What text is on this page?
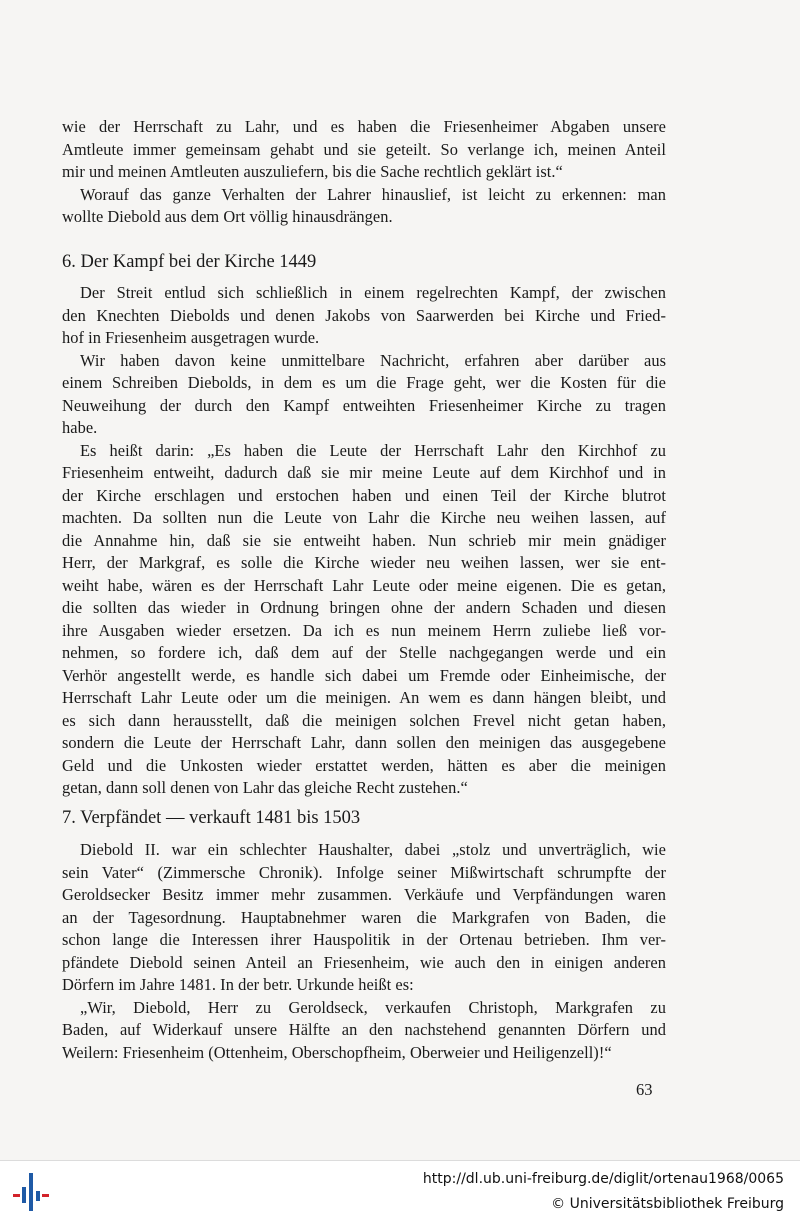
wie der Herrschaft zu Lahr, und es haben die Friesenheimer Abgaben unsere
Amtleute immer gemeinsam gehabt und sie geteilt. So verlange ich, meinen Anteil
mir und meinen Amtleuten auszuliefern, bis die Sache rechtlich geklärt ist.“
Worauf das ganze Verhalten der Lahrer hinauslief, ist leicht zu erkennen: man
wollte Diebold aus dem Ort völlig hinausdrängen.
6. Der Kampf bei der Kirche 1449
Der Streit entlud sich schließlich in einem regelrechten Kampf, der zwischen
den Knechten Diebolds und denen Jakobs von Saarwerden bei Kirche und Fried-
hof in Friesenheim ausgetragen wurde.
Wir haben davon keine unmittelbare Nachricht, erfahren aber darüber aus
einem Schreiben Diebolds, in dem es um die Frage geht, wer die Kosten für die
Neuweihung der durch den Kampf entweihten Friesenheimer Kirche zu tragen
habe.
Es heißt darin: „Es haben die Leute der Herrschaft Lahr den Kirchhof zu
Friesenheim entweiht, dadurch daß sie mir meine Leute auf dem Kirchhof und in
der Kirche erschlagen und erstochen haben und einen Teil der Kirche blutrot
machten. Da sollten nun die Leute von Lahr die Kirche neu weihen lassen, auf
die Annahme hin, daß sie sie entweiht haben. Nun schrieb mir mein gnädiger
Herr, der Markgraf, es solle die Kirche wieder neu weihen lassen, wer sie ent-
weiht habe, wären es der Herrschaft Lahr Leute oder meine eigenen. Die es getan,
die sollten das wieder in Ordnung bringen ohne der andern Schaden und diesen
ihre Ausgaben wieder ersetzen. Da ich es nun meinem Herrn zuliebe ließ vor-
nehmen, so fordere ich, daß dem auf der Stelle nachgegangen werde und ein
Verhör angestellt werde, es handle sich dabei um Fremde oder Einheimische, der
Herrschaft Lahr Leute oder um die meinigen. An wem es dann hängen bleibt, und
es sich dann herausstellt, daß die meinigen solchen Frevel nicht getan haben,
sondern die Leute der Herrschaft Lahr, dann sollen den meinigen das ausgegebene
Geld und die Unkosten wieder erstattet werden, hätten es aber die meinigen
getan, dann soll denen von Lahr das gleiche Recht zustehen.“
7. Verpfändet — verkauft 1481 bis 1503
Diebold II. war ein schlechter Haushalter, dabei „stolz und unverträglich, wie
sein Vater“ (Zimmersche Chronik). Infolge seiner Mißwirtschaft schrumpfte der
Geroldsecker Besitz immer mehr zusammen. Verkäufe und Verpfändungen waren
an der Tagesordnung. Hauptabnehmer waren die Markgrafen von Baden, die
schon lange die Interessen ihrer Hauspolitik in der Ortenau betrieben. Ihm ver-
pfändete Diebold seinen Anteil an Friesenheim, wie auch den in einigen anderen
Dörfern im Jahre 1481. In der betr. Urkunde heißt es:
„Wir, Diebold, Herr zu Geroldseck, verkaufen Christoph, Markgrafen zu
Baden, auf Widerkauf unsere Hälfte an den nachstehend genannten Dörfern und
Weilern: Friesenheim (Ottenheim, Oberschopfheim, Oberweier und Heiligenzell)!“
63
http://dl.ub.uni-freiburg.de/diglit/ortenau1968/0065
© Universitätsbibliothek Freiburg
